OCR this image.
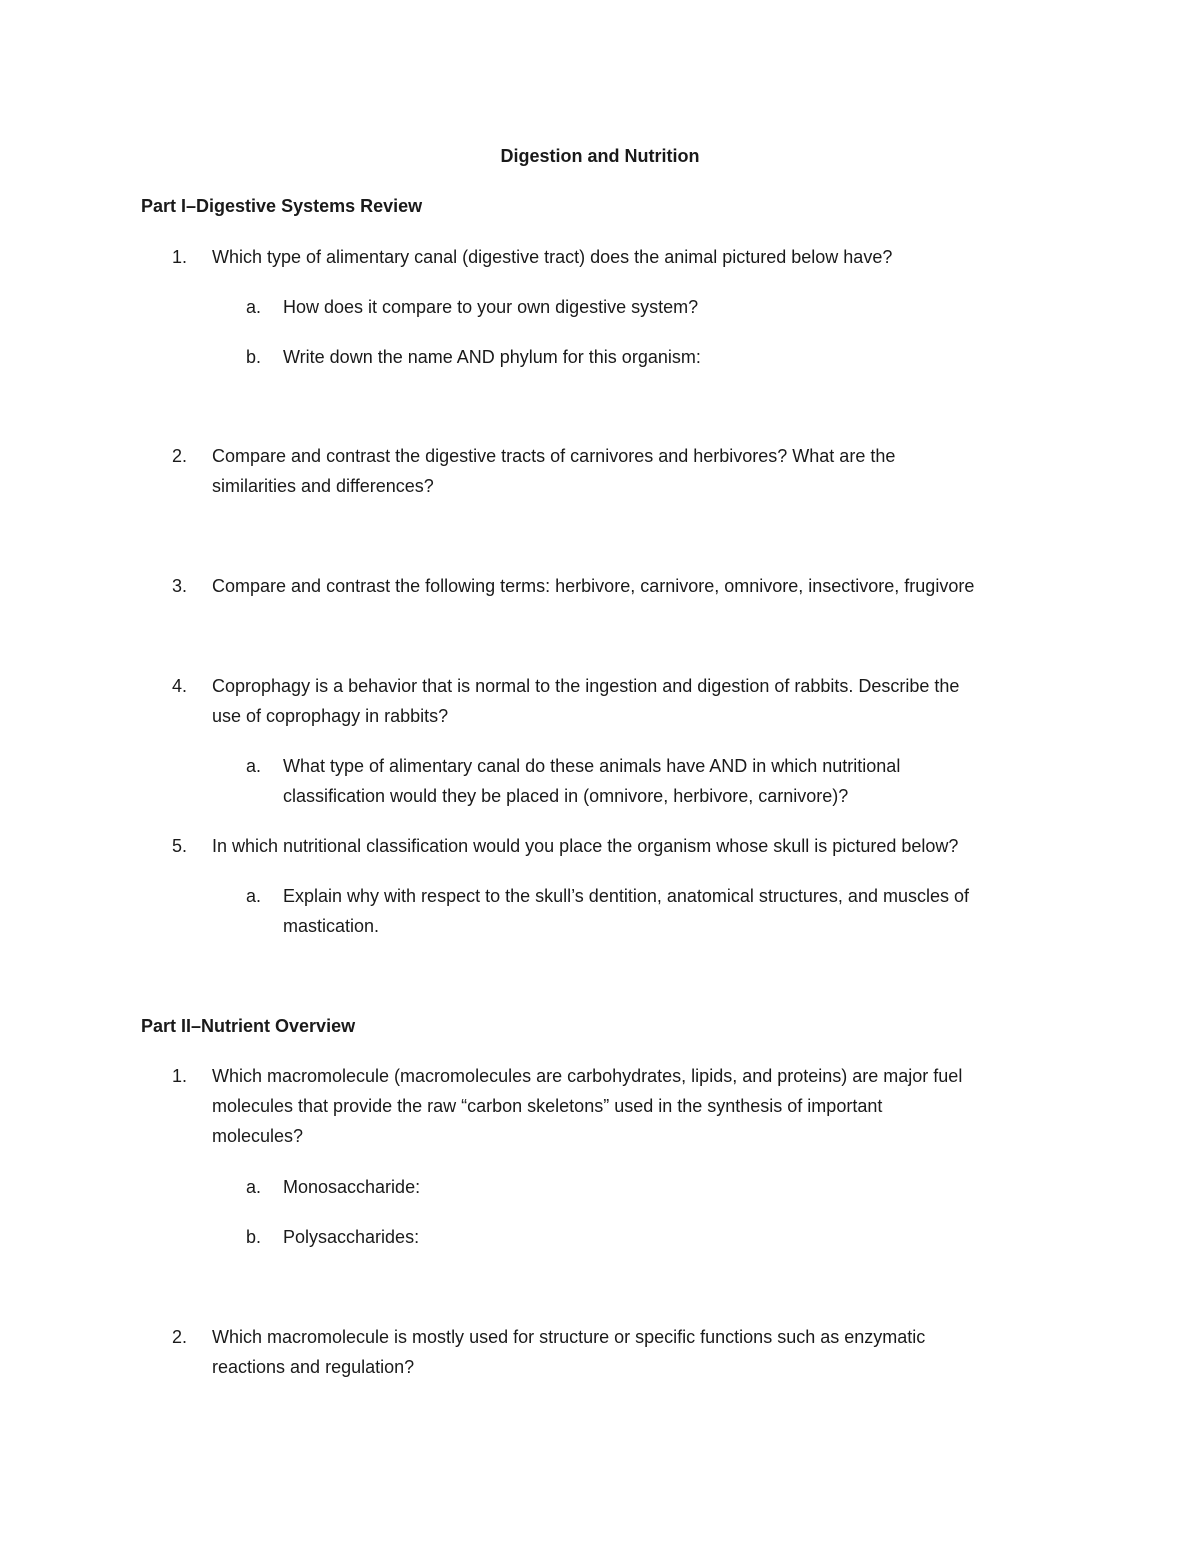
Digestion and Nutrition
Part I–Digestive Systems Review
1. Which type of alimentary canal (digestive tract) does the animal pictured below have?
a. How does it compare to your own digestive system?
b. Write down the name AND phylum for this organism:
2. Compare and contrast the digestive tracts of carnivores and herbivores? What are the
similarities and differences?
3. Compare and contrast the following terms: herbivore, carnivore, omnivore, insectivore, frugivore
4. Coprophagy is a behavior that is normal to the ingestion and digestion of rabbits. Describe the
use of coprophagy in rabbits?
a. What type of alimentary canal do these animals have AND in which nutritional
classification would they be placed in (omnivore, herbivore, carnivore)?
5. In which nutritional classification would you place the organism whose skull is pictured below?
a. Explain why with respect to the skull’s dentition, anatomical structures, and muscles of
mastication.
Part II–Nutrient Overview
1. Which macromolecule (macromolecules are carbohydrates, lipids, and proteins) are major fuel
molecules that provide the raw “carbon skeletons” used in the synthesis of important
molecules?
a. Monosaccharide:
b. Polysaccharides:
2. Which macromolecule is mostly used for structure or specific functions such as enzymatic
reactions and regulation?
